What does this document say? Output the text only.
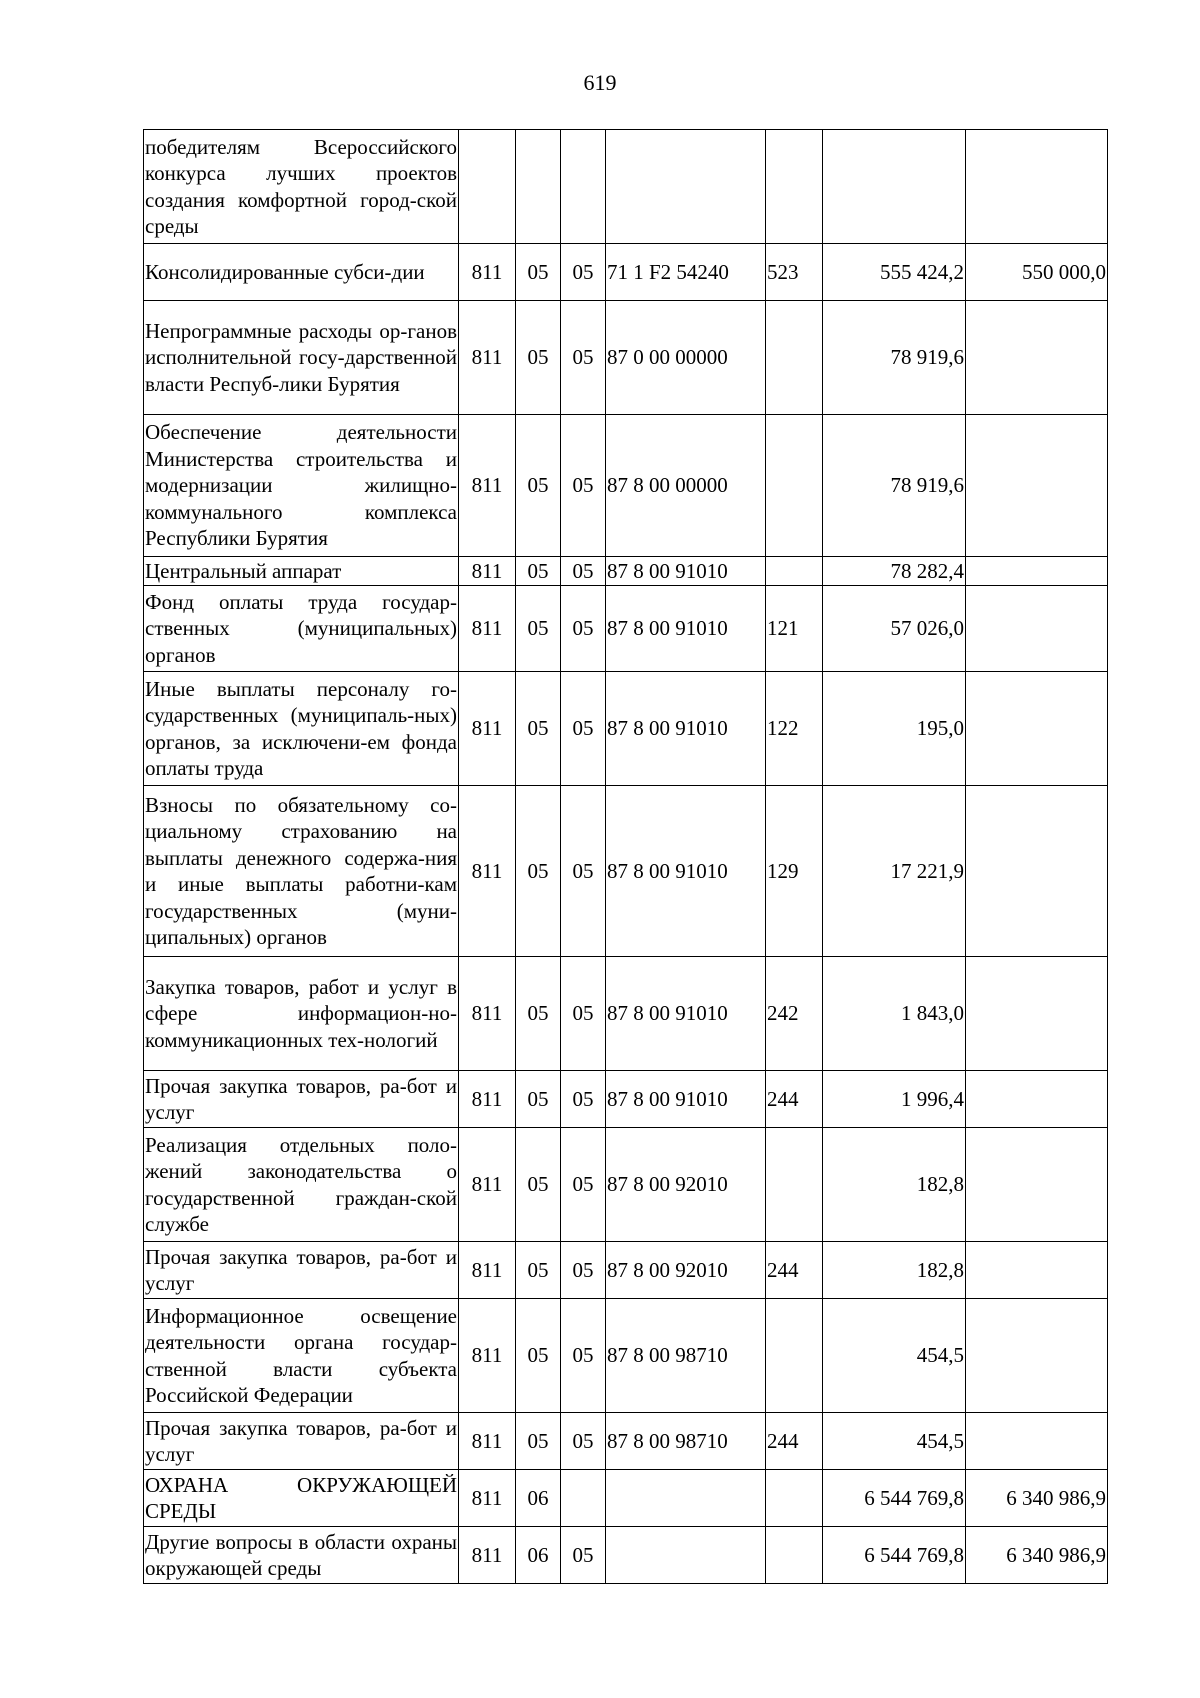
619
победителям Всероссийского конкурса лучших проектов создания комфортной город-ской среды							
Консолидированные субси-дии	811	05	05	71 1 F2 54240	523	555 424,2	550 000,0
Непрограммные расходы ор-ганов исполнительной госу-дарственной власти Респуб-лики Бурятия	811	05	05	87 0 00 00000		78 919,6	
Обеспечение деятельности Министерства строительства и модернизации жилищно-коммунального комплекса Республики Бурятия	811	05	05	87 8 00 00000		78 919,6	
Центральный аппарат	811	05	05	87 8 00 91010		78 282,4	
Фонд оплаты труда государ-ственных (муниципальных) органов	811	05	05	87 8 00 91010	121	57 026,0	
Иные выплаты персоналу го-сударственных (муниципаль-ных) органов, за исключени-ем фонда оплаты труда	811	05	05	87 8 00 91010	122	195,0	
Взносы по обязательному со-циальному страхованию на выплаты денежного содержа-ния и иные выплаты работни-кам государственных (муни-ципальных) органов	811	05	05	87 8 00 91010	129	17 221,9	
Закупка товаров, работ и услуг в сфере информацион-но-коммуникационных тех-нологий	811	05	05	87 8 00 91010	242	1 843,0	
Прочая закупка товаров, ра-бот и услуг	811	05	05	87 8 00 91010	244	1 996,4	
Реализация отдельных поло-жений законодательства о государственной граждан-ской службе	811	05	05	87 8 00 92010		182,8	
Прочая закупка товаров, ра-бот и услуг	811	05	05	87 8 00 92010	244	182,8	
Информационное освещение деятельности органа государ-ственной власти субъекта Российской Федерации	811	05	05	87 8 00 98710		454,5	
Прочая закупка товаров, ра-бот и услуг	811	05	05	87 8 00 98710	244	454,5	
ОХРАНА ОКРУЖАЮЩЕЙ СРЕДЫ	811	06				6 544 769,8	6 340 986,9
Другие вопросы в области охраны окружающей среды	811	06	05			6 544 769,8	6 340 986,9
